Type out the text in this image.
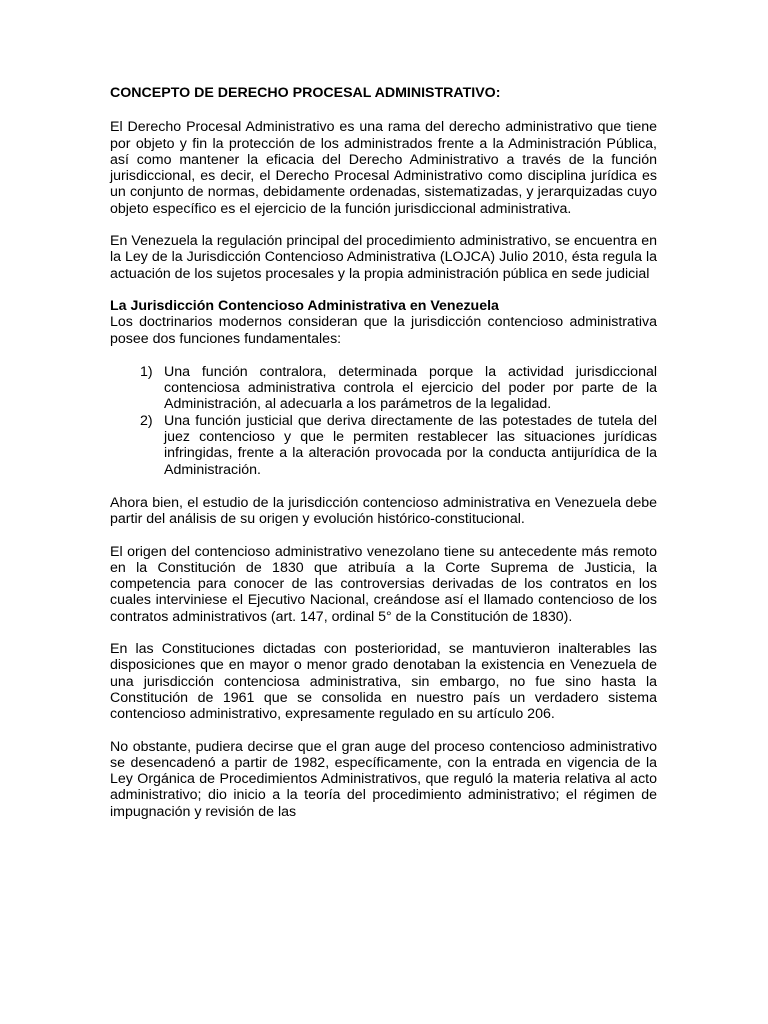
CONCEPTO DE DERECHO PROCESAL ADMINISTRATIVO:

El Derecho Procesal Administrativo es una rama del derecho administrativo que tiene por objeto y fin la protección de los administrados frente a la Administración Pública, así como mantener la eficacia del Derecho Administrativo a través de la función jurisdiccional, es decir, el Derecho Procesal Administrativo como disciplina jurídica es un conjunto de normas, debidamente ordenadas, sistematizadas, y jerarquizadas cuyo objeto específico es el ejercicio de la función jurisdiccional administrativa.

En Venezuela la regulación principal del procedimiento administrativo, se encuentra en la Ley de la Jurisdicción Contencioso Administrativa (LOJCA) Julio 2010, ésta regula la actuación de los sujetos procesales y la propia administración pública en sede judicial

La Jurisdicción Contencioso Administrativa en Venezuela

Los doctrinarios modernos consideran que la jurisdicción contencioso administrativa posee dos funciones fundamentales:

1) Una función contralora, determinada porque la actividad jurisdiccional contenciosa administrativa controla el ejercicio del poder por parte de la Administración, al adecuarla a los parámetros de la legalidad.
2) Una función justicial que deriva directamente de las potestades de tutela del juez contencioso y que le permiten restablecer las situaciones jurídicas infringidas, frente a la alteración provocada por la conducta antijurídica de la Administración.

Ahora bien, el estudio de la jurisdicción contencioso administrativa en Venezuela debe partir del análisis de su origen y evolución histórico-constitucional.

El origen del contencioso administrativo venezolano tiene su antecedente más remoto en la Constitución de 1830 que atribuía a la Corte Suprema de Justicia, la competencia para conocer de las controversias derivadas de los contratos en los cuales interviniese el Ejecutivo Nacional, creándose así el llamado contencioso de los contratos administrativos (art. 147, ordinal 5° de la Constitución de 1830).

En las Constituciones dictadas con posterioridad, se mantuvieron inalterables las disposiciones que en mayor o menor grado denotaban la existencia en Venezuela de una jurisdicción contenciosa administrativa, sin embargo, no fue sino hasta la Constitución de 1961 que se consolida en nuestro país un verdadero sistema contencioso administrativo, expresamente regulado en su artículo 206.

No obstante, pudiera decirse que el gran auge del proceso contencioso administrativo se desencadenó a partir de 1982, específicamente, con la entrada en vigencia de la Ley Orgánica de Procedimientos Administrativos, que reguló la materia relativa al acto administrativo; dio inicio a la teoría del procedimiento administrativo; el régimen de impugnación y revisión de las
